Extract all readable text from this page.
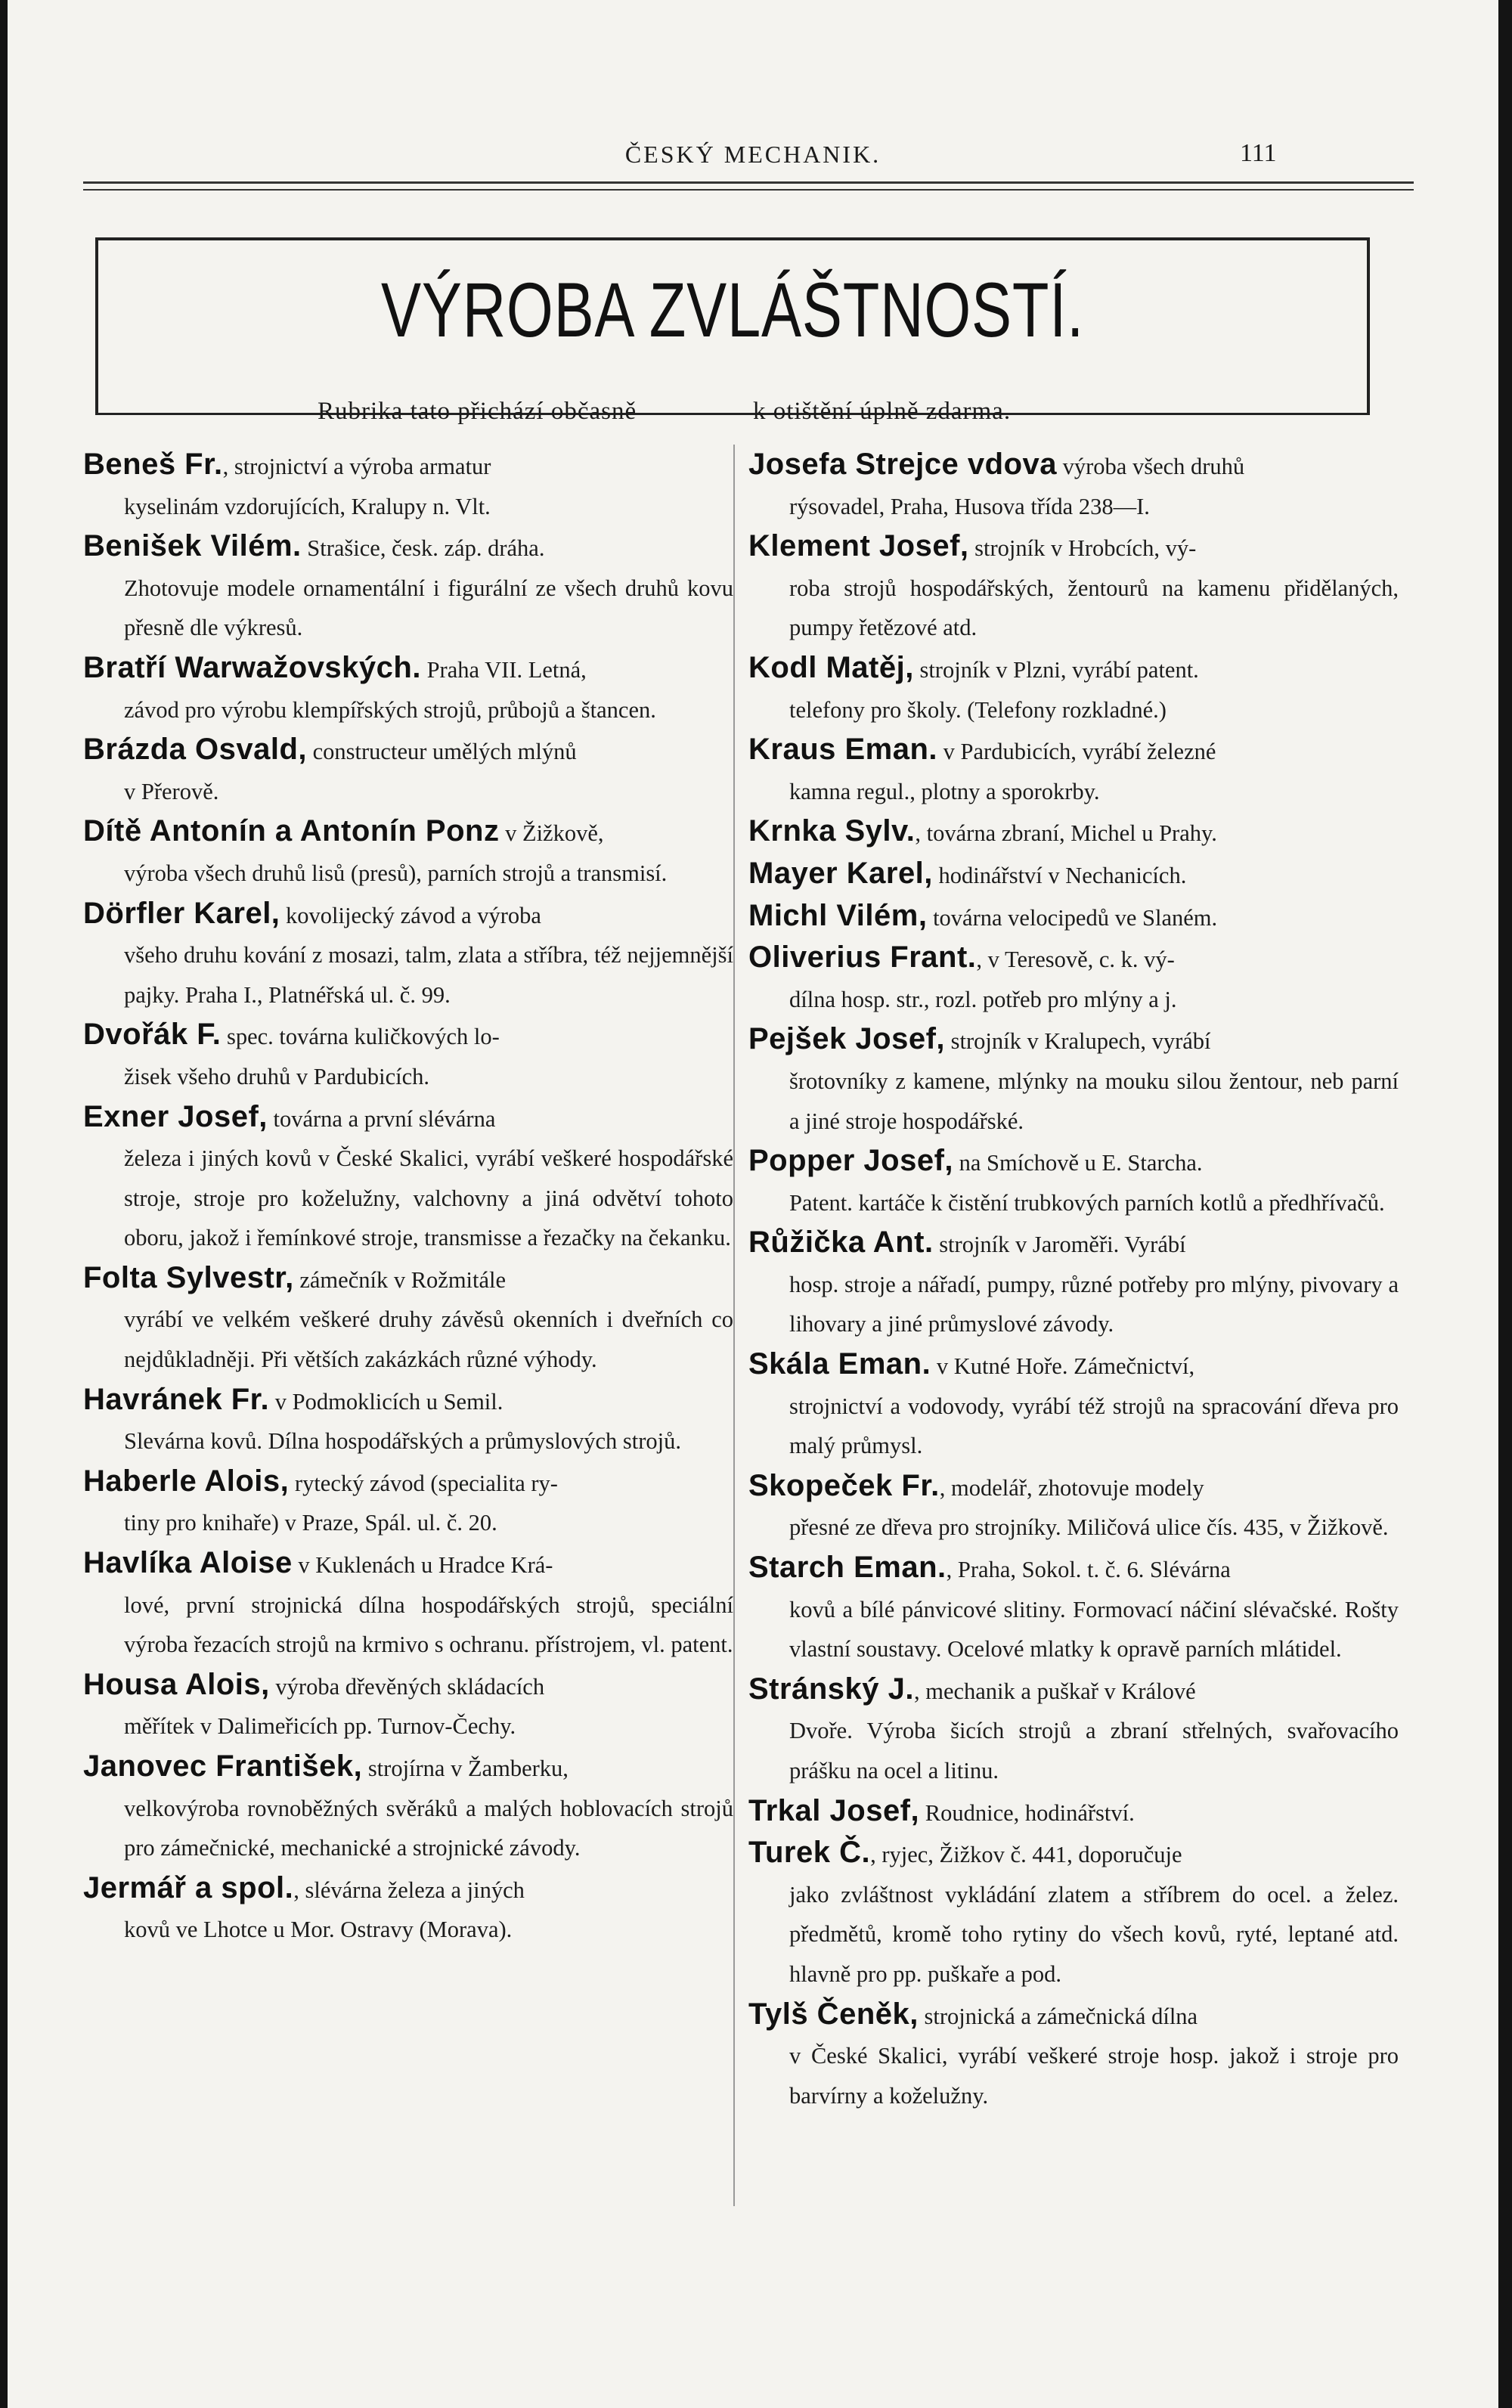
ČESKÝ MECHANIK.	111
VÝROBA ZVLÁŠTNOSTÍ.
Rubrika tato přichází občasně	k otištění úplně zdarma.

Beneš Fr., strojnictví a výroba armatur
kyselinám vzdorujících, Kralupy n. Vlt.

Benišek Vilém. Strašice, česk. záp. dráha.
Zhotovuje modele ornamentální i figurální ze všech druhů kovu přesně dle výkresů.

Bratří Warwažovských. Praha VII. Letná,
závod pro výrobu klempířských strojů, průbojů a štancen.

Brázda Osvald, constructeur umělých mlýnů
v Přerově.

Dítě Antonín a Antonín Ponz v Žižkově,
výroba všech druhů lisů (presů), parních strojů a transmisí.

Dörfler Karel, kovolijecký závod a výroba
všeho druhu kování z mosazi, talm, zlata a stříbra, též nejjemnější pajky. Praha I., Platnéřská ul. č. 99.

Dvořák F. spec. továrna kuličkových lo-
žisek všeho druhů v Pardubicích.

Exner Josef, továrna a první slévárna
železa i jiných kovů v České Skalici, vyrábí veškeré hospodářské stroje, stroje pro koželužny, valchovny a jiná odvětví tohoto oboru, jakož i řemínkové stroje, transmisse a řezačky na čekanku.

Folta Sylvestr, zámečník v Rožmitále
vyrábí ve velkém veškeré druhy závěsů okenních i dveřních co nejdůkladněji. Při větších zakázkách různé výhody.

Havránek Fr. v Podmoklicích u Semil.
Slevárna kovů. Dílna hospodářských a průmyslových strojů.

Haberle Alois, rytecký závod (specialita ry-
tiny pro knihaře) v Praze, Spál. ul. č. 20.

Havlíka Aloise v Kuklenách u Hradce Krá-
lové, první strojnická dílna hospodářských strojů, speciální výroba řezacích strojů na krmivo s ochranu. přístrojem, vl. patent.

Housa Alois, výroba dřevěných skládacích
měřítek v Dalimeřicích pp. Turnov-Čechy.

Janovec František, strojírna v Žamberku,
velkovýroba rovnoběžných svěráků a malých hoblovacích strojů pro zámečnické, mechanické a strojnické závody.

Jermář a spol., slévárna železa a jiných
kovů ve Lhotce u Mor. Ostravy (Morava).

Josefa Strejce vdova výroba všech druhů
rýsovadel, Praha, Husova třída 238—I.

Klement Josef, strojník v Hrobcích, vý-
roba strojů hospodářských, žentourů na kamenu přidělaných, pumpy řetězové atd.

Kodl Matěj, strojník v Plzni, vyrábí patent.
telefony pro školy. (Telefony rozkladné.)

Kraus Eman. v Pardubicích, vyrábí železné
kamna regul., plotny a sporokrby.

Krnka Sylv., továrna zbraní, Michel u Prahy.

Mayer Karel, hodinářství v Nechanicích.

Michl Vilém, továrna velocipedů ve Slaném.

Oliverius Frant., v Teresově, c. k. vý-
dílna hosp. str., rozl. potřeb pro mlýny a j.

Pejšek Josef, strojník v Kralupech, vyrábí
šrotovníky z kamene, mlýnky na mouku silou žentour, neb parní a jiné stroje hospodářské.

Popper Josef, na Smíchově u E. Starcha.
Patent. kartáče k čistění trubkových parních kotlů a předhřívačů.

Růžička Ant. strojník v Jaroměři. Vyrábí
hosp. stroje a nářadí, pumpy, různé potřeby pro mlýny, pivovary a lihovary a jiné průmyslové závody.

Skála Eman. v Kutné Hoře. Zámečnictví,
strojnictví a vodovody, vyrábí též strojů na spracování dřeva pro malý průmysl.

Skopeček Fr., modelář, zhotovuje modely
přesné ze dřeva pro strojníky. Miličová ulice čís. 435, v Žižkově.

Starch Eman., Praha, Sokol. t. č. 6. Slévárna
kovů a bílé pánvicové slitiny. Formovací náčiní slévačské. Rošty vlastní soustavy. Ocelové mlatky k opravě parních mlátidel.

Stránský J., mechanik a puškař v Králové
Dvoře. Výroba šicích strojů a zbraní střelných, svařovacího prášku na ocel a litinu.

Trkal Josef, Roudnice, hodinářství.

Turek Č., ryjec, Žižkov č. 441, doporučuje
jako zvláštnost vykládání zlatem a stříbrem do ocel. a želez. předmětů, kromě toho rytiny do všech kovů, ryté, leptané atd. hlavně pro pp. puškaře a pod.

Tylš Čeněk, strojnická a zámečnická dílna
v České Skalici, vyrábí veškeré stroje hosp. jakož i stroje pro barvírny a koželužny.
